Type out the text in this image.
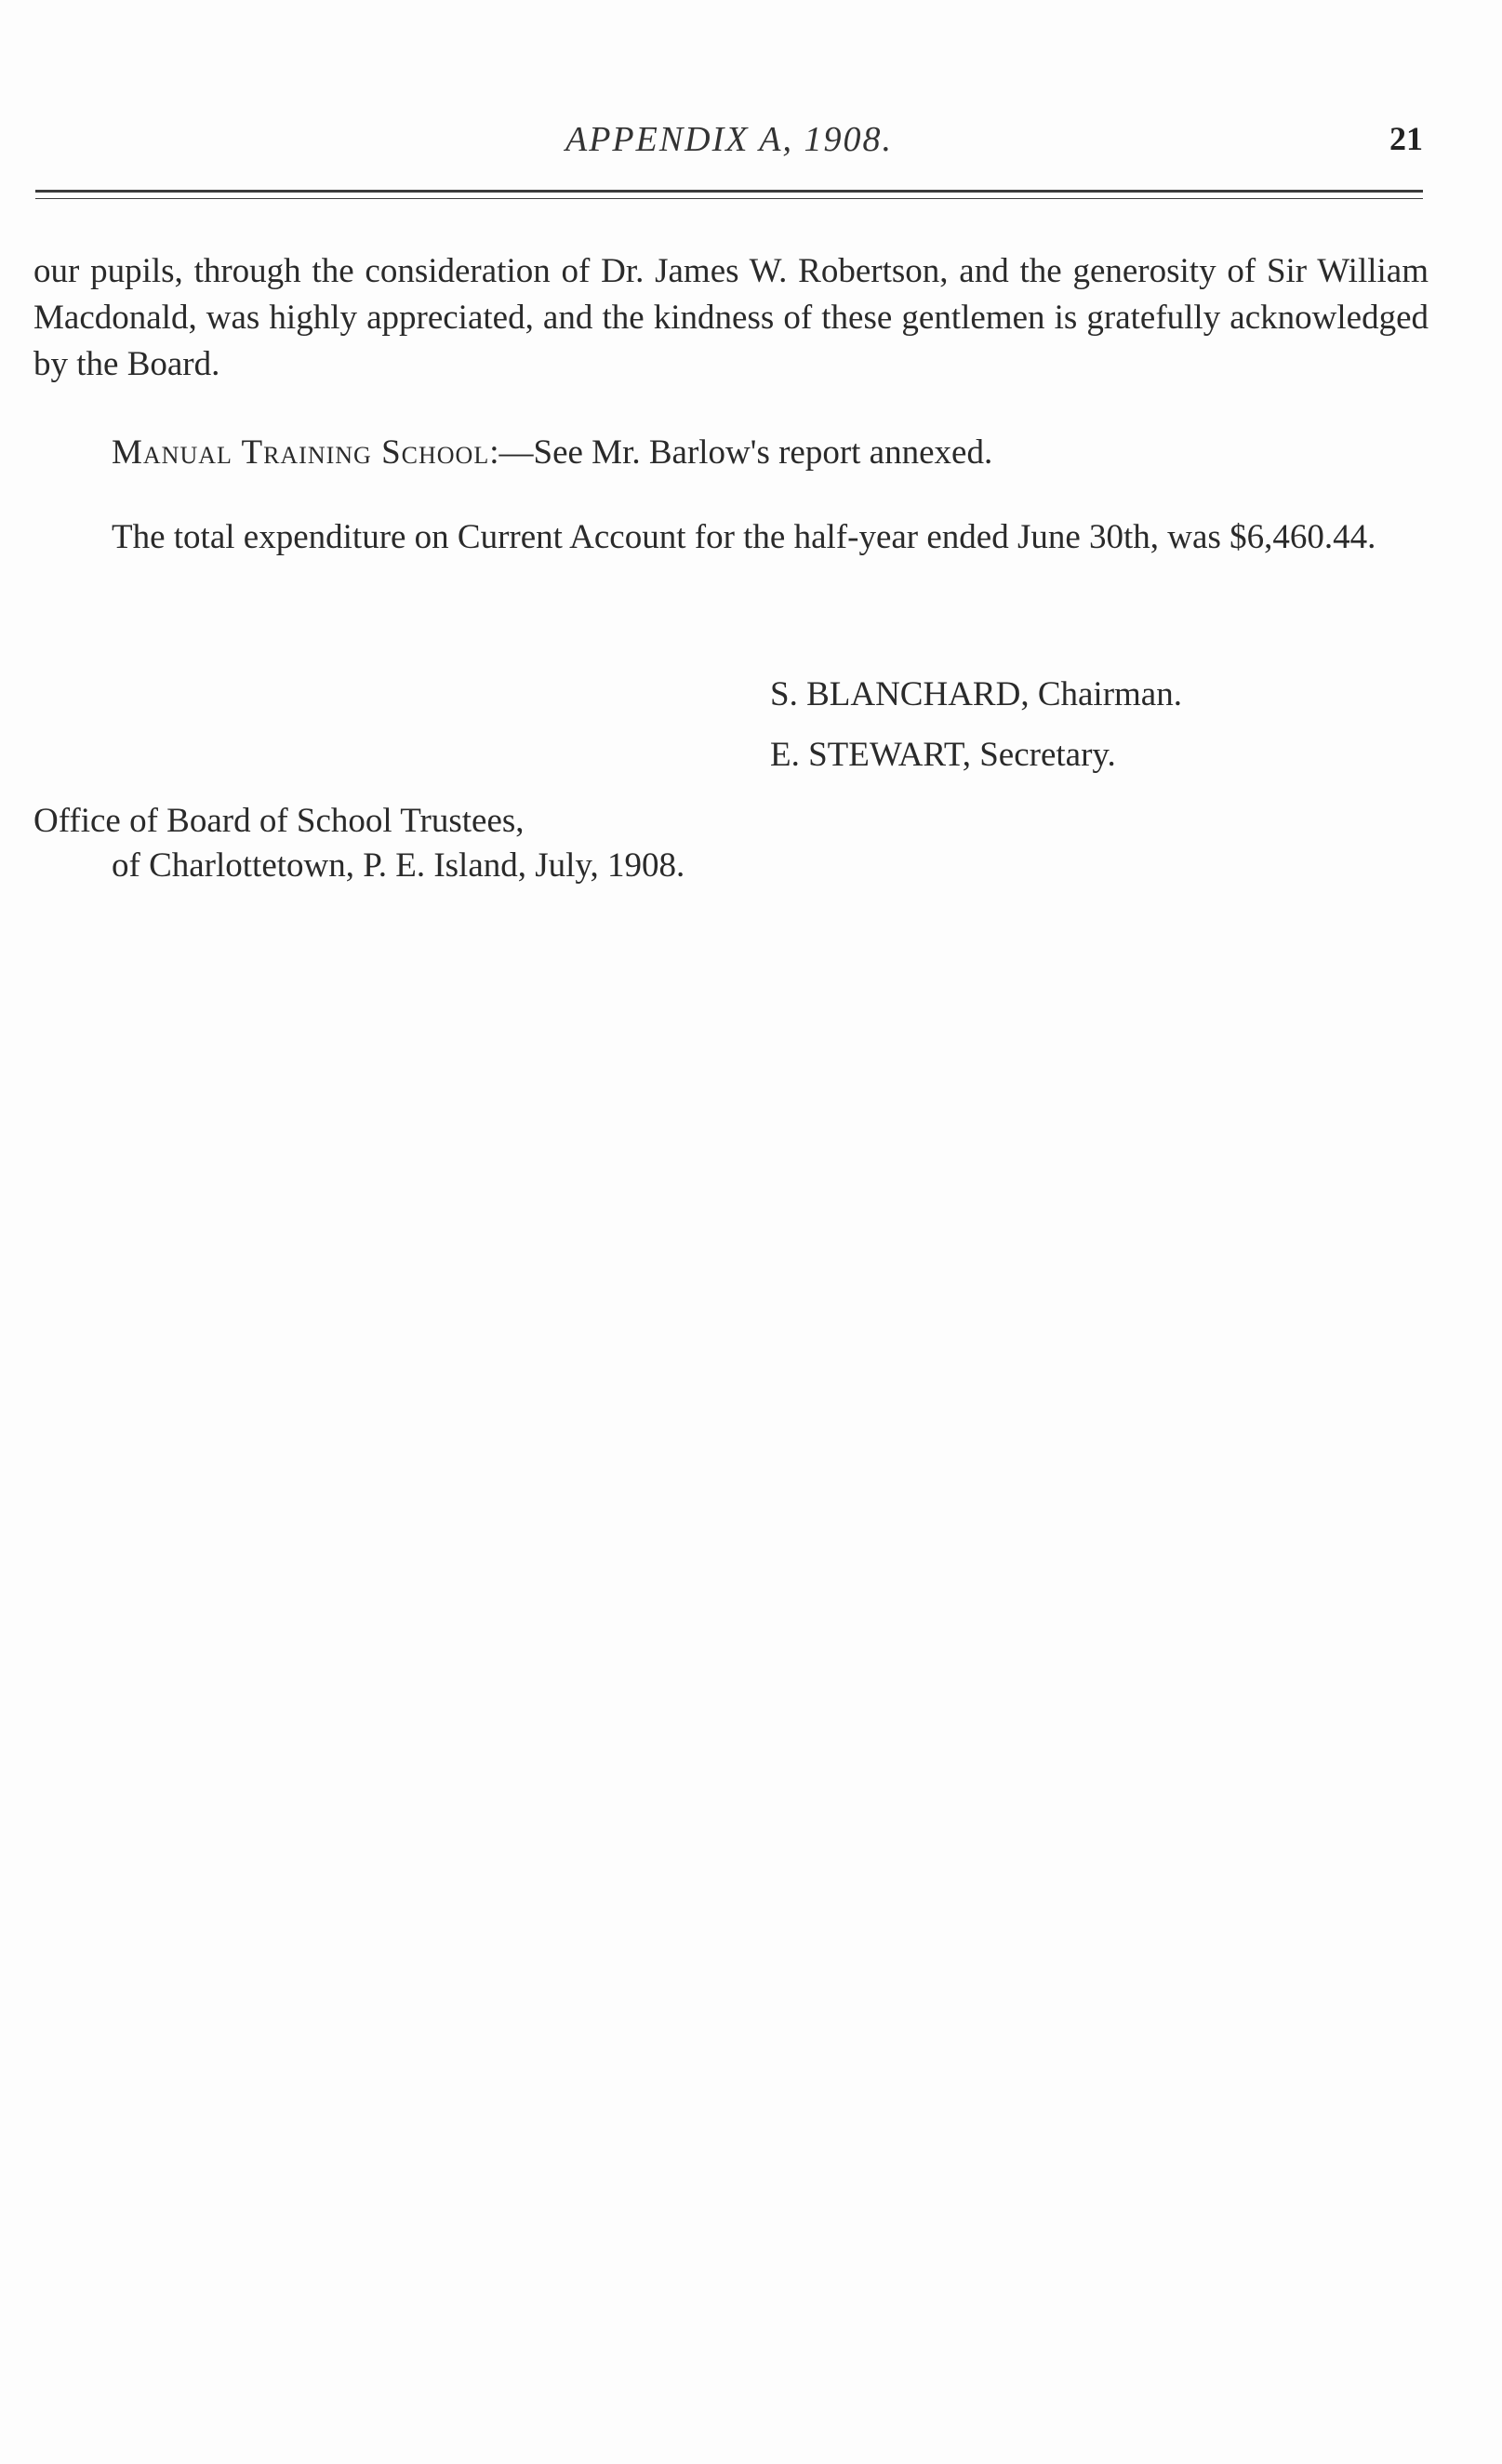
APPENDIX A, 1908.	21

our pupils, through the consideration of Dr. James W. Robertson, and the generosity of Sir William Macdonald, was highly appreciated, and the kindness of these gentlemen is gratefully acknowledged by the Board.

Manual Training School:—See Mr. Barlow's report annexed.

The total expenditure on Current Account for the half-year ended June 30th, was $6,460.44.

S. BLANCHARD, Chairman.
E. STEWART, Secretary.
Office of Board of School Trustees,
of Charlottetown, P. E. Island, July, 1908.
